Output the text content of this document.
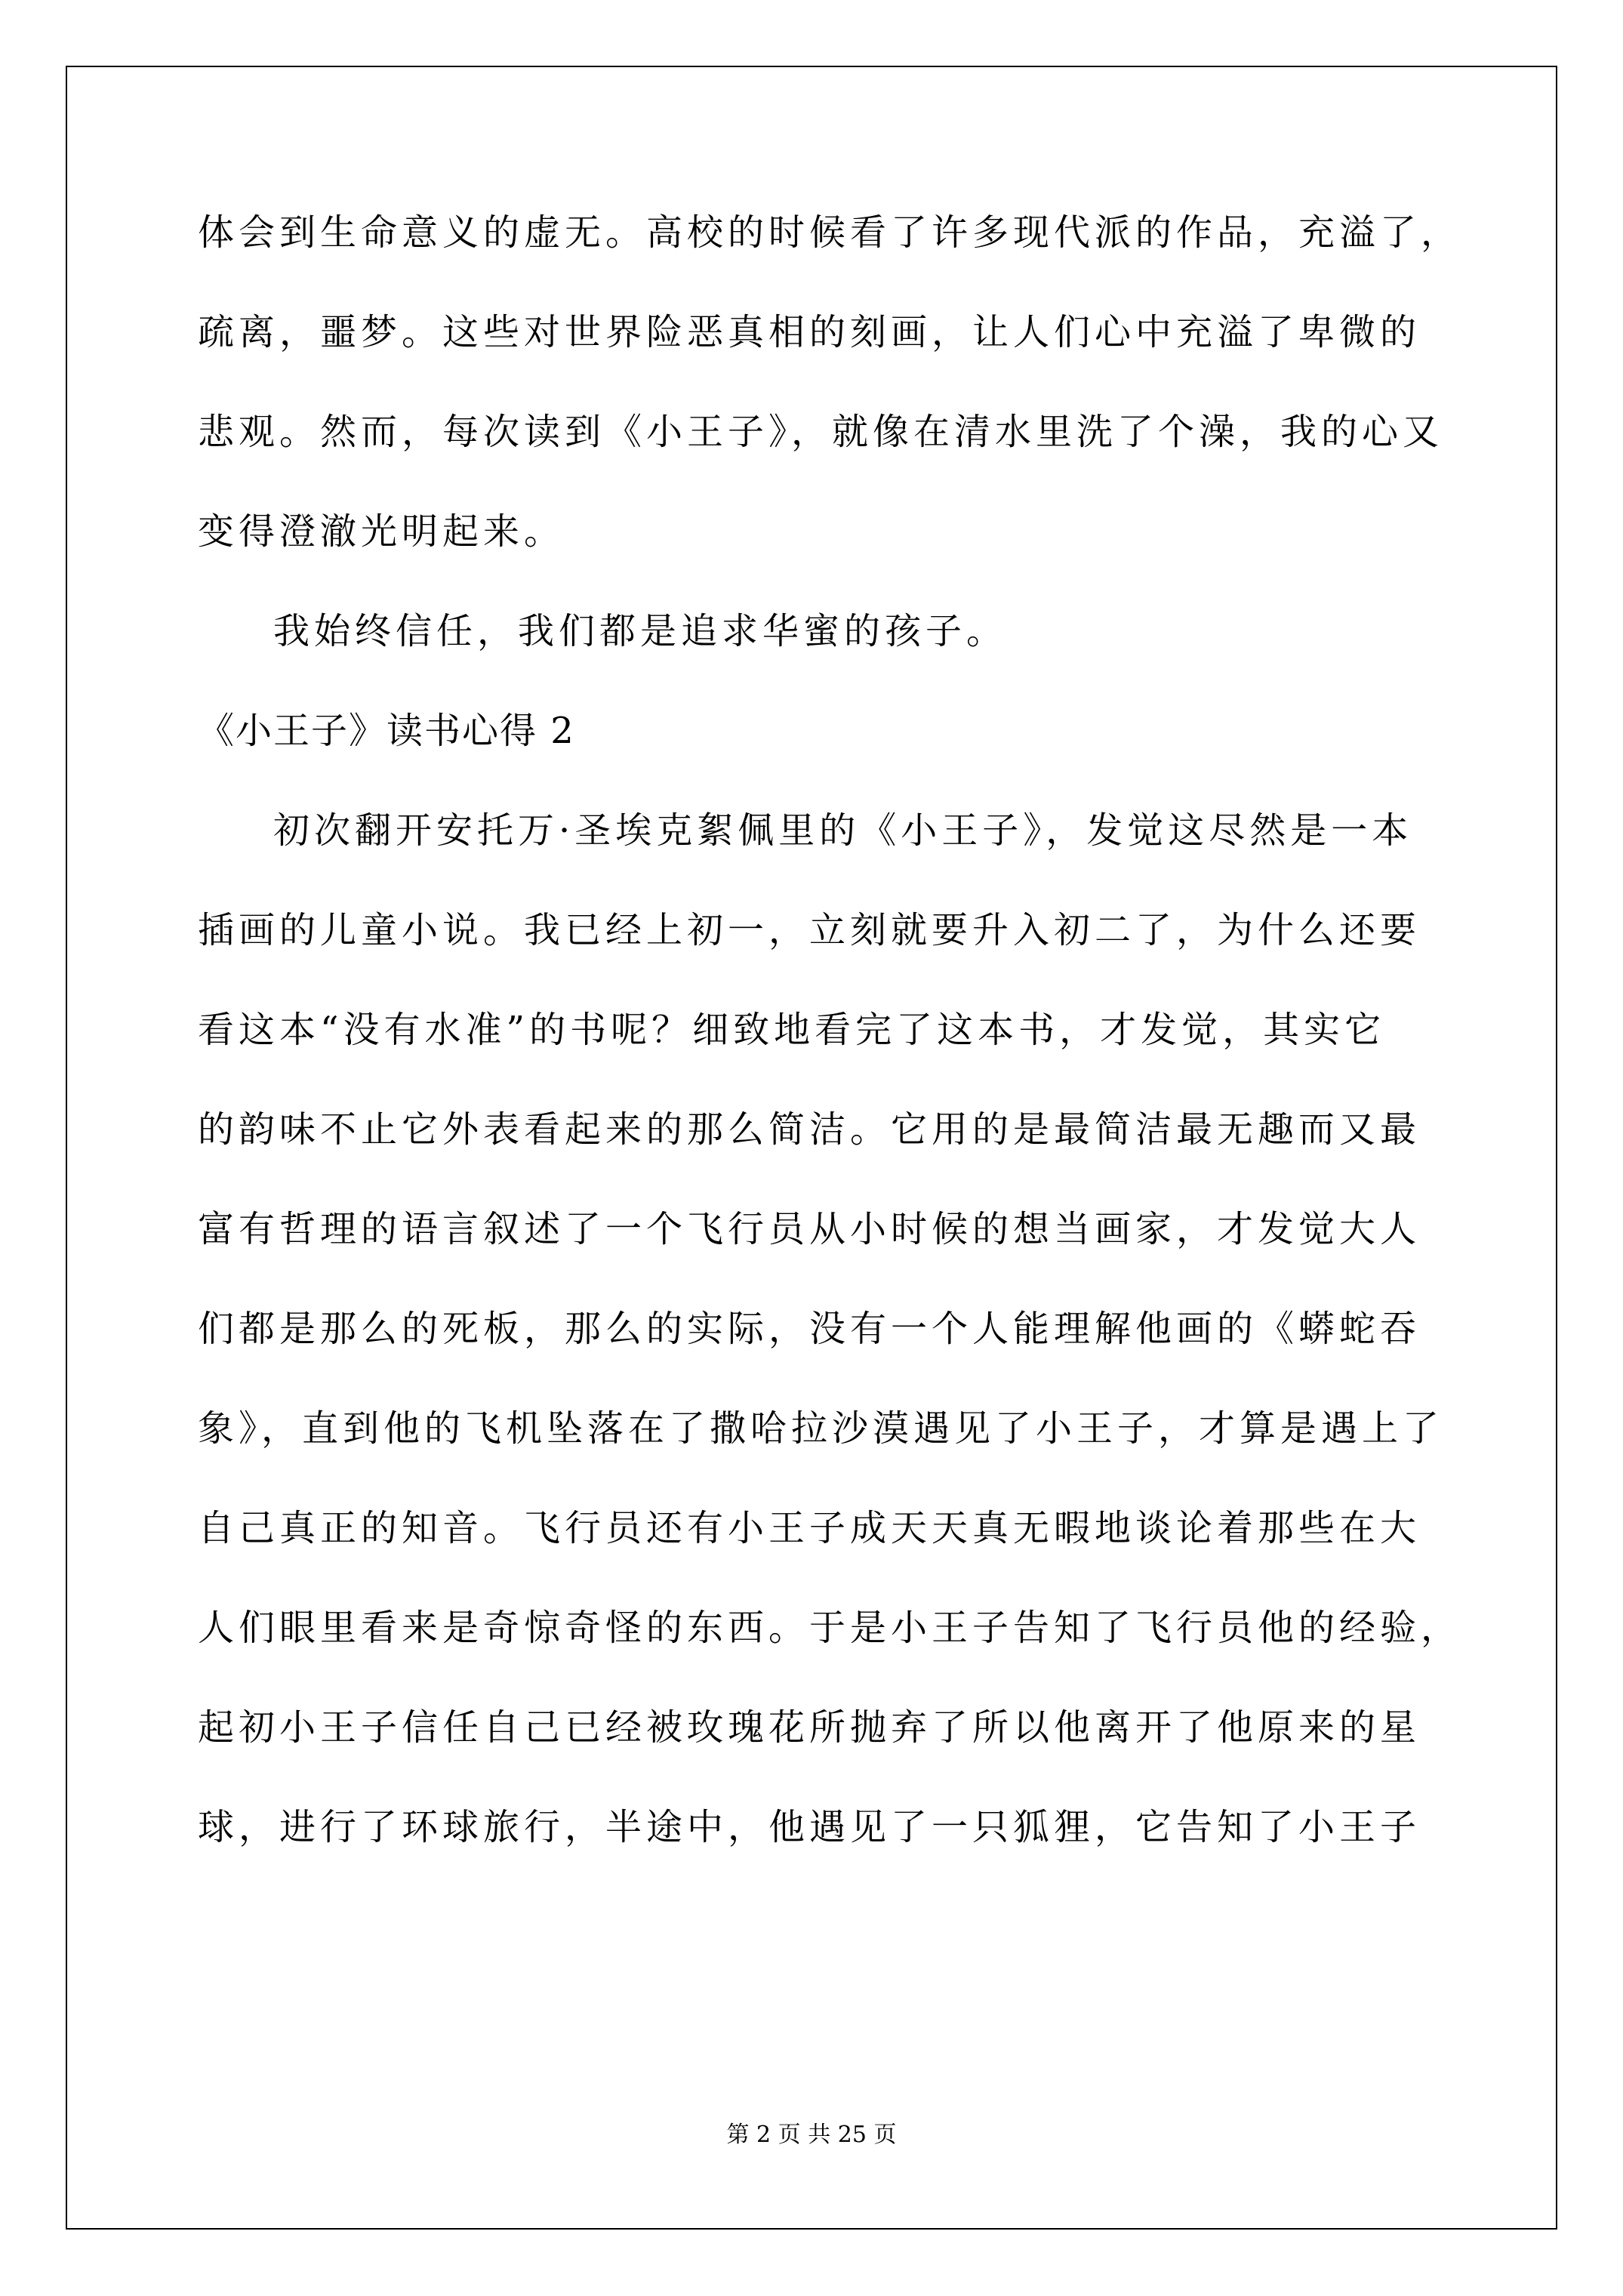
体会到生命意义的虚无。高校的时候看了许多现代派的作品，充溢了，
疏离，噩梦。这些对世界险恶真相的刻画，让人们心中充溢了卑微的
悲观。然而，每次读到《小王子》，就像在清水里洗了个澡，我的心又
变得澄澈光明起来。
我始终信任，我们都是追求华蜜的孩子。
《小王子》读书心得 2
初次翻开安托万·圣埃克絮佩里的《小王子》，发觉这尽然是一本
插画的儿童小说。我已经上初一，立刻就要升入初二了，为什么还要
看这本“没有水准”的书呢？细致地看完了这本书，才发觉，其实它
的韵味不止它外表看起来的那么简洁。它用的是最简洁最无趣而又最
富有哲理的语言叙述了一个飞行员从小时候的想当画家，才发觉大人
们都是那么的死板，那么的实际，没有一个人能理解他画的《蟒蛇吞
象》，直到他的飞机坠落在了撒哈拉沙漠遇见了小王子，才算是遇上了
自己真正的知音。飞行员还有小王子成天天真无暇地谈论着那些在大
人们眼里看来是奇惊奇怪的东西。于是小王子告知了飞行员他的经验，
起初小王子信任自己已经被玫瑰花所抛弃了所以他离开了他原来的星
球，进行了环球旅行，半途中，他遇见了一只狐狸，它告知了小王子
第 2 页 共 25 页
